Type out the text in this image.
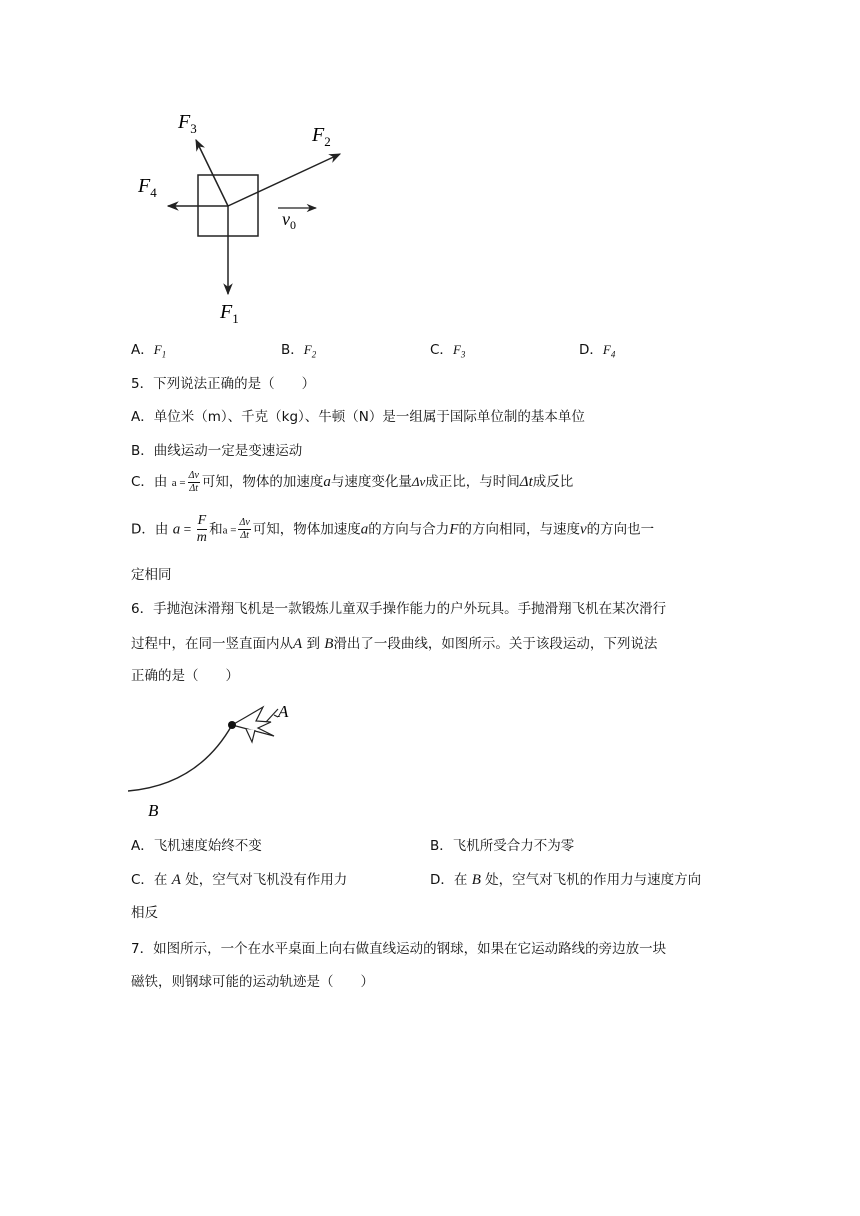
$F_3$	$F_2$
$F_4$
$v_0$
$F_1$
A．$F_1$	B．$F_2$	C．$F_3$	D．$F_4$
5．下列说法正确的是（　　）
A．单位米（m）、千克（kg）、牛顿（N）是一组属于国际单位制的基本单位
B．曲线运动一定是变速运动
C．由 $a = \frac{\Delta v}{\Delta t}$ 可知，物体的加速度a与速度变化量Δv成正比，与时间Δt成反比
D．由 $a = \frac{F}{m}$ 和$a = \frac{\Delta v}{\Delta t}$ 可知，物体加速度a的方向与合力F的方向相同，与速度v的方向也一
定相同
6．手抛泡沫滑翔飞机是一款锻炼儿童双手操作能力的户外玩具。手抛滑翔飞机在某次滑行
过程中，在同一竖直面内从A 到 B滑出了一段曲线，如图所示。关于该段运动，下列说法
正确的是（　　）
A
B
A．飞机速度始终不变	B．飞机所受合力不为零
C．在 A 处，空气对飞机没有作用力	D．在 B 处，空气对飞机的作用力与速度方向
相反
7．如图所示，一个在水平桌面上向右做直线运动的钢球，如果在它运动路线的旁边放一块
磁铁，则钢球可能的运动轨迹是（　　）
